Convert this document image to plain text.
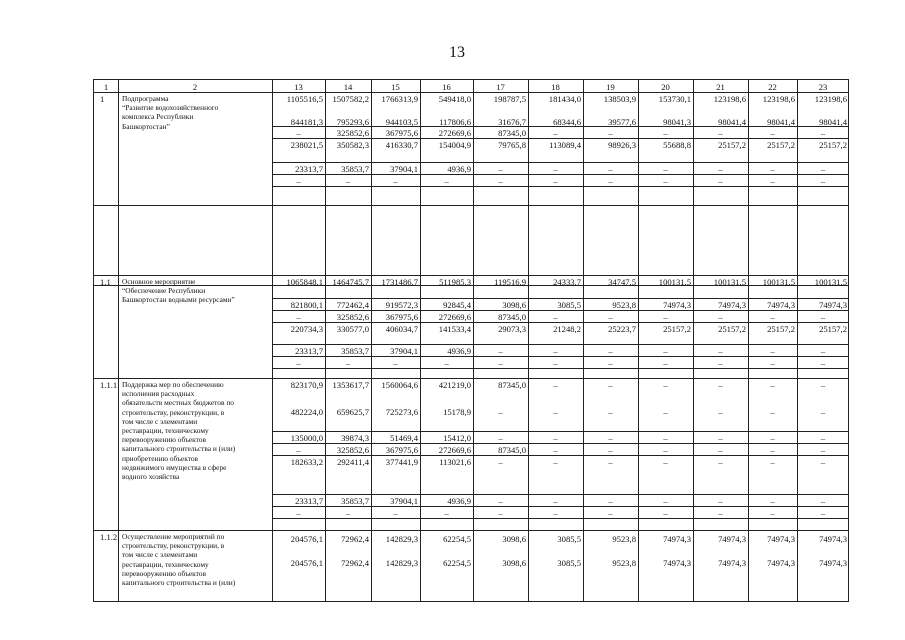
13
1	2	13	14	15	16	17	18	19	20	21	22	23
1 Подпрограмма
“Развитие водохозяйственного
комплекса Республики
Башкортостан”
1105516,5	1507582,2	1766313,9	549418,0	198787,5	181434,0	138503,9	153730,1	123198,6	123198,6	123198,6
844181,3	795293,6	944103,5	117806,6	31676,7	68344,6	39577,6	98041,3	98041,4	98041,4	98041,4
–	325852,6	367975,6	272669,6	87345,0	–	–	–	–	–	–
238021,5	350582,3	416330,7	154004,9	79765,8	113089,4	98926,3	55688,8	25157,2	25157,2	25157,2
23313,7	35853,7	37904,1	4936,9	–	–	–	–	–	–	–
–	–	–	–	–	–	–	–	–	–	–
1.1 Основное мероприятие
“Обеспечение Республики
Башкортостан водными ресурсами”
1065848,1	1464745,7	1731486,7	511985,3	119516,9	24333,7	34747,5	100131,5	100131,5	100131,5	100131,5
821800,1	772462,4	919572,3	92845,4	3098,6	3085,5	9523,8	74974,3	74974,3	74974,3	74974,3
–	325852,6	367975,6	272669,6	87345,0	–	–	–	–	–	–
220734,3	330577,0	406034,7	141533,4	29073,3	21248,2	25223,7	25157,2	25157,2	25157,2	25157,2
23313,7	35853,7	37904,1	4936,9	–	–	–	–	–	–	–
–	–	–	–	–	–	–	–	–	–	–
1.1.1 Поддержка мер по обеспечению
исполнения расходных
обязательств местных бюджетов по
строительству, реконструкции, в
том числе с элементами
реставрации, техническому
перевооружению объектов
капитального строительства и (или)
приобретению объектов
недвижимого имущества в сфере
водного хозяйства
823170,9	1353617,7	1560064,6	421219,0	87345,0	–	–	–	–	–	–
482224,0	659625,7	725273,6	15178,9	–	–	–	–	–	–	–
135000,0	39874,3	51469,4	15412,0	–	–	–	–	–	–	–
–	325852,6	367975,6	272669,6	87345,0	–	–	–	–	–	–
182633,2	292411,4	377441,9	113021,6	–	–	–	–	–	–	–
23313,7	35853,7	37904,1	4936,9	–	–	–	–	–	–	–
–	–	–	–	–	–	–	–	–	–	–
1.1.2 Осуществление мероприятий по
строительству, реконструкции, в
том числе с элементами
реставрации, техническому
перевооружению объектов
капитального строительства и (или)
204576,1	72962,4	142829,3	62254,5	3098,6	3085,5	9523,8	74974,3	74974,3	74974,3	74974,3
204576,1	72962,4	142829,3	62254,5	3098,6	3085,5	9523,8	74974,3	74974,3	74974,3	74974,3
